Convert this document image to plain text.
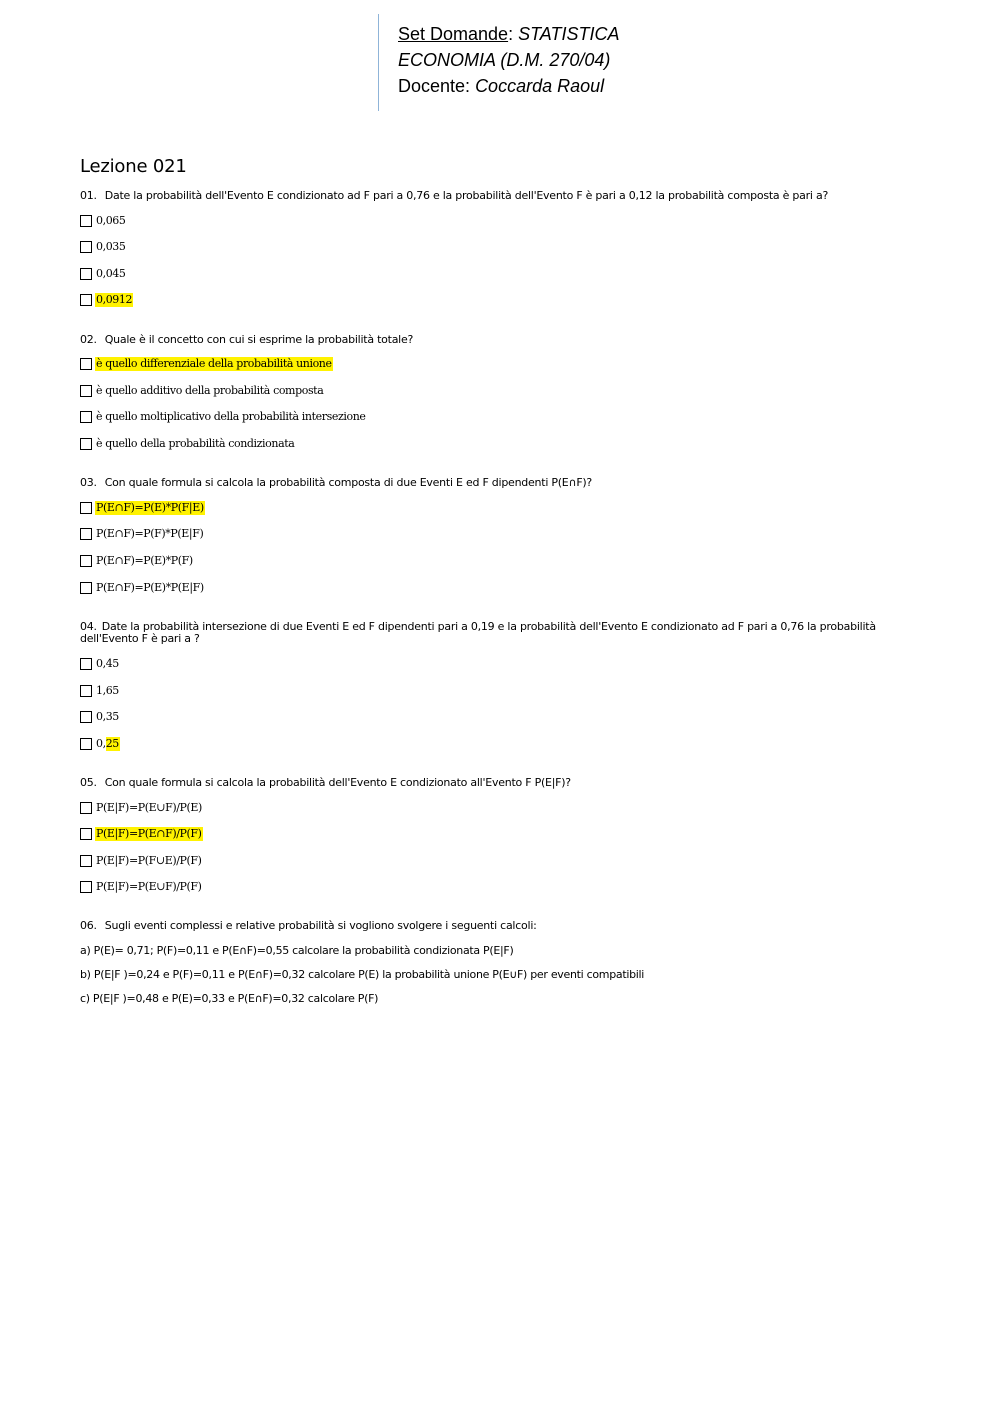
Set Domande: STATISTICA
ECONOMIA (D.M. 270/04)
Docente: Coccarda Raoul
Lezione 021
01. Date la probabilità dell'Evento E condizionato ad F pari a 0,76 e la probabilità dell'Evento F è pari a 0,12 la probabilità composta è pari a?
0,065
0,035
0,045
0,0912
02. Quale è il concetto con cui si esprime la probabilità totale?
è quello differenziale della probabilità unione
è quello additivo della probabilità composta
è quello moltiplicativo della probabilità intersezione
è quello della probabilità condizionata
03. Con quale formula si calcola la probabilità composta di due Eventi E ed F dipendenti P(E∩F)?
P(E∩F)=P(E)*P(F|E)
P(E∩F)=P(F)*P(E|F)
P(E∩F)=P(E)*P(F)
P(E∩F)=P(E)*P(E|F)
04. Date la probabilità intersezione di due Eventi E ed F dipendenti pari a 0,19 e la probabilità dell'Evento E condizionato ad F pari a 0,76 la probabilità dell'Evento F è pari a ?
0,45
1,65
0,35
0, 25
05. Con quale formula si calcola la probabilità dell'Evento E condizionato all'Evento F P(E|F)?
P(E|F)=P(E∪F)/P(E)
P(E|F)=P(E∩F)/P(F)
P(E|F)=P(F∪E)/P(F)
P(E|F)=P(E∪F)/P(F)
06. Sugli eventi complessi e relative probabilità si vogliono svolgere i seguenti calcoli:
a) P(E)= 0,71; P(F)=0,11 e P(E∩F)=0,55 calcolare la probabilità condizionata P(E|F)
b) P(E|F )=0,24 e P(F)=0,11 e P(E∩F)=0,32 calcolare P(E) la probabilità unione P(E∪F) per eventi compatibili
c) P(E|F )=0,48 e P(E)=0,33 e P(E∩F)=0,32 calcolare P(F)
